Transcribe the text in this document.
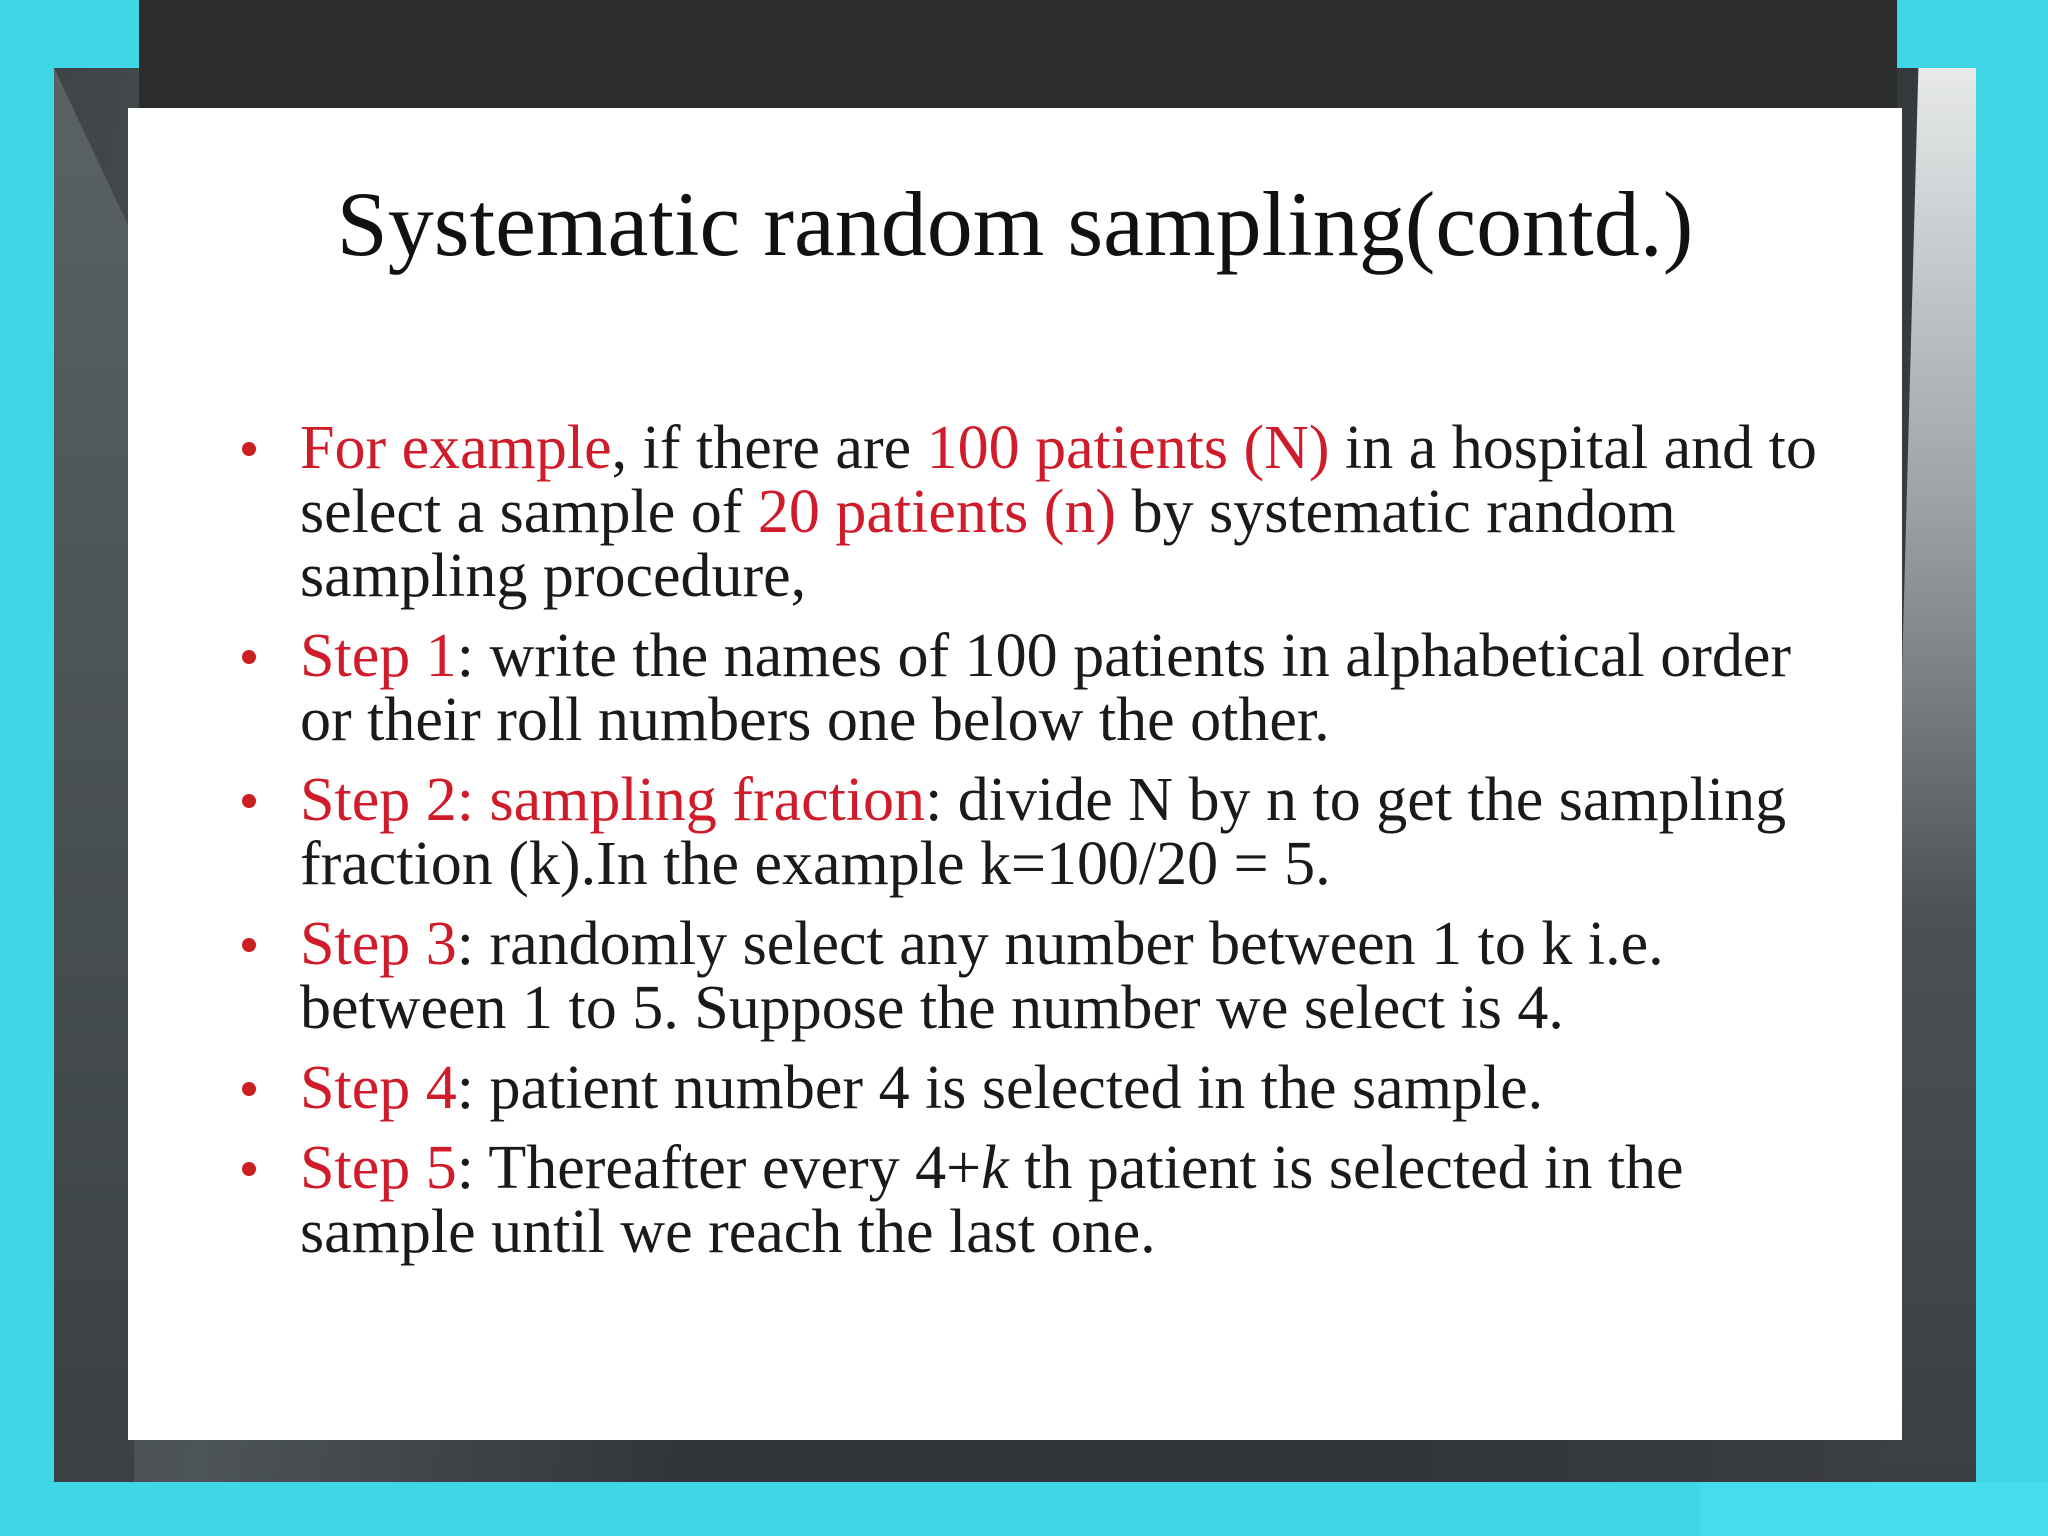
Systematic random sampling(contd.)
For example, if there are 100 patients (N) in a hospital and to select a sample of 20 patients (n) by systematic random sampling procedure,
Step 1: write the names of 100 patients in alphabetical order or their roll numbers one below the other.
Step 2: sampling fraction: divide N by n to get the sampling fraction (k).In the example k=100/20 = 5.
Step 3: randomly select any number between 1 to k i.e. between 1 to 5. Suppose the number we select is 4.
Step 4: patient number 4 is selected in the sample.
Step 5: Thereafter every 4+k th patient is selected in the sample until we reach the last one.
